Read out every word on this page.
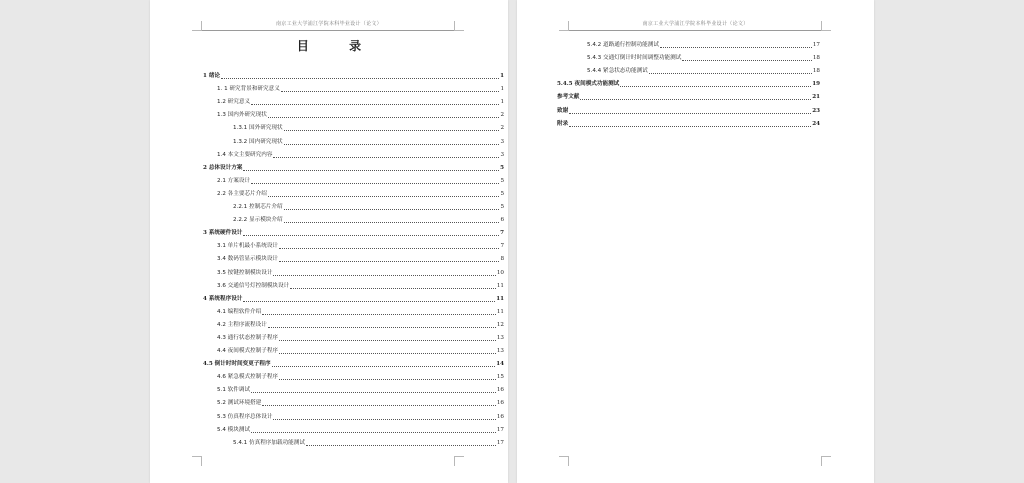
南京工业大学浦江学院本科毕业设计（论文）
目 录
1 绪论	1
1. 1 研究背景和研究意义	1
1.2 研究意义	1
1.3 国内外研究现状	2
1.3.1 国外研究现状	2
1.3.2 国内研究现状	3
1.4 本文主要研究内容	3
2 总体设计方案	5
2.1 方案设计	5
2.2 各主要芯片介绍	5
2.2.1 控制芯片介绍	5
2.2.2 显示模块介绍	6
3 系统硬件设计	7
3.1 单片机最小系统设计	7
3.4 数码管显示模块设计	8
3.5 按键控制模块设计	10
3.6 交通信号灯控制模块设计	11
4 系统程序设计	11
4.1 编程软件介绍	11
4.2 主程序流程设计	12
4.3 通行状态控制子程序	13
4.4 夜间模式控制子程序	13
4.5 倒计时时间变更子程序	14
4.6 紧急模式控制子程序	15
5.1 软件调试	16
5.2 测试环境搭建	16
5.3 仿真程序总体设计	16
5.4 模块测试	17
5.4.1 仿真程序加载功能测试	17
南京工业大学浦江学院本科毕业设计（论文）
5.4.2 道路通行控制功能测试	17
5.4.3 交通灯倒计时时间调整功能测试	18
5.4.4 紧急状态功能测试	18
5.4.5 夜间模式功能测试	19
参考文献	21
致谢	23
附录	24
